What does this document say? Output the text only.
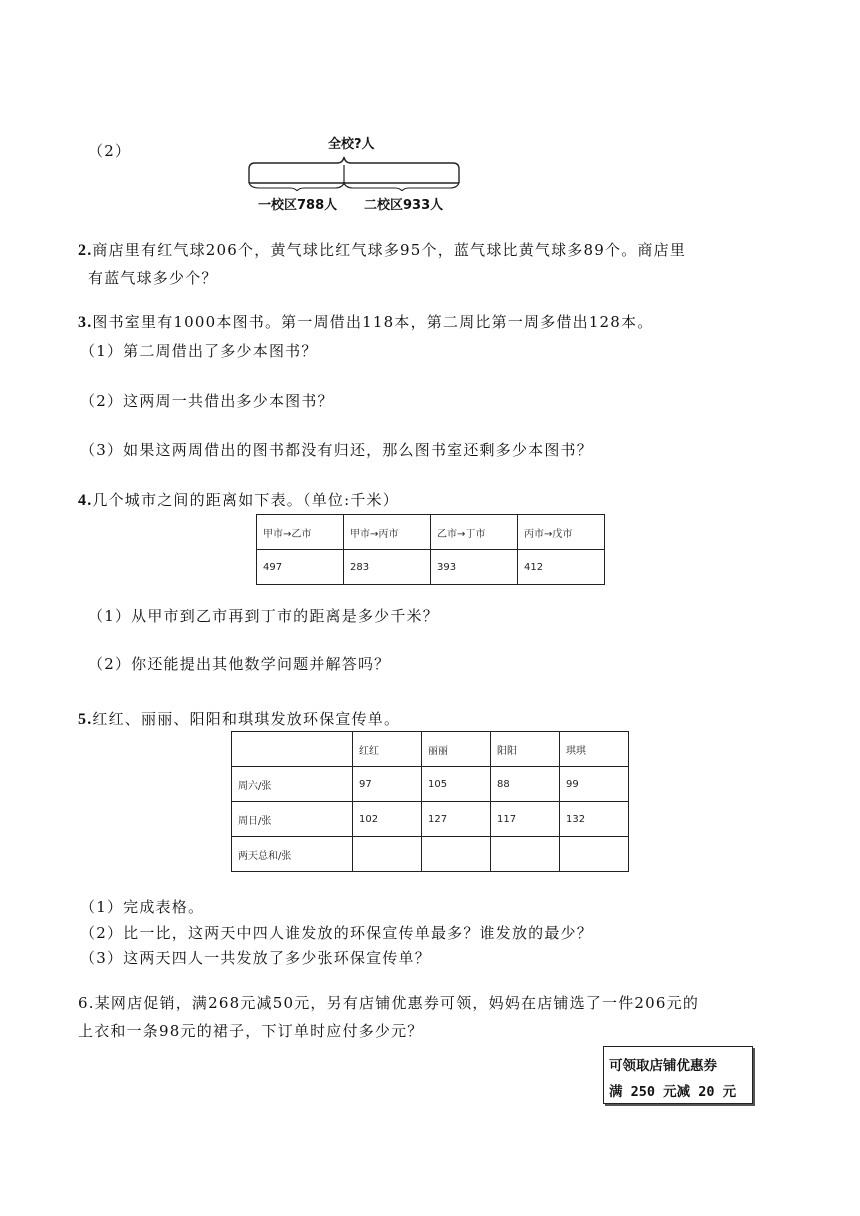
（2）	全校?人
一校区788人 二校区933人
2.商店里有红气球206个，黄气球比红气球多95个，蓝气球比黄气球多89个。商店里
有蓝气球多少个？
3.图书室里有1000本图书。第一周借出118本，第二周比第一周多借出128本。
（1）第二周借出了多少本图书？
（2）这两周一共借出多少本图书？
（3）如果这两周借出的图书都没有归还，那么图书室还剩多少本图书？
4.几个城市之间的距离如下表。（单位:千米）
甲市→乙市	甲市→丙市	乙市→丁市	丙市→戊市
497	283	393	412
（1）从甲市到乙市再到丁市的距离是多少千米？
（2）你还能提出其他数学问题并解答吗？
5.红红、丽丽、阳阳和琪琪发放环保宣传单。
	红红	丽丽	阳阳	琪琪
周六/张	97	105	88	99
周日/张	102	127	117	132
两天总和/张				
（1）完成表格。
（2）比一比，这两天中四人谁发放的环保宣传单最多？谁发放的最少？
（3）这两天四人一共发放了多少张环保宣传单？
6.某网店促销，满268元减50元，另有店铺优惠券可领，妈妈在店铺选了一件206元的
上衣和一条98元的裙子，下订单时应付多少元？
可领取店铺优惠券
满 250 元减 20 元
